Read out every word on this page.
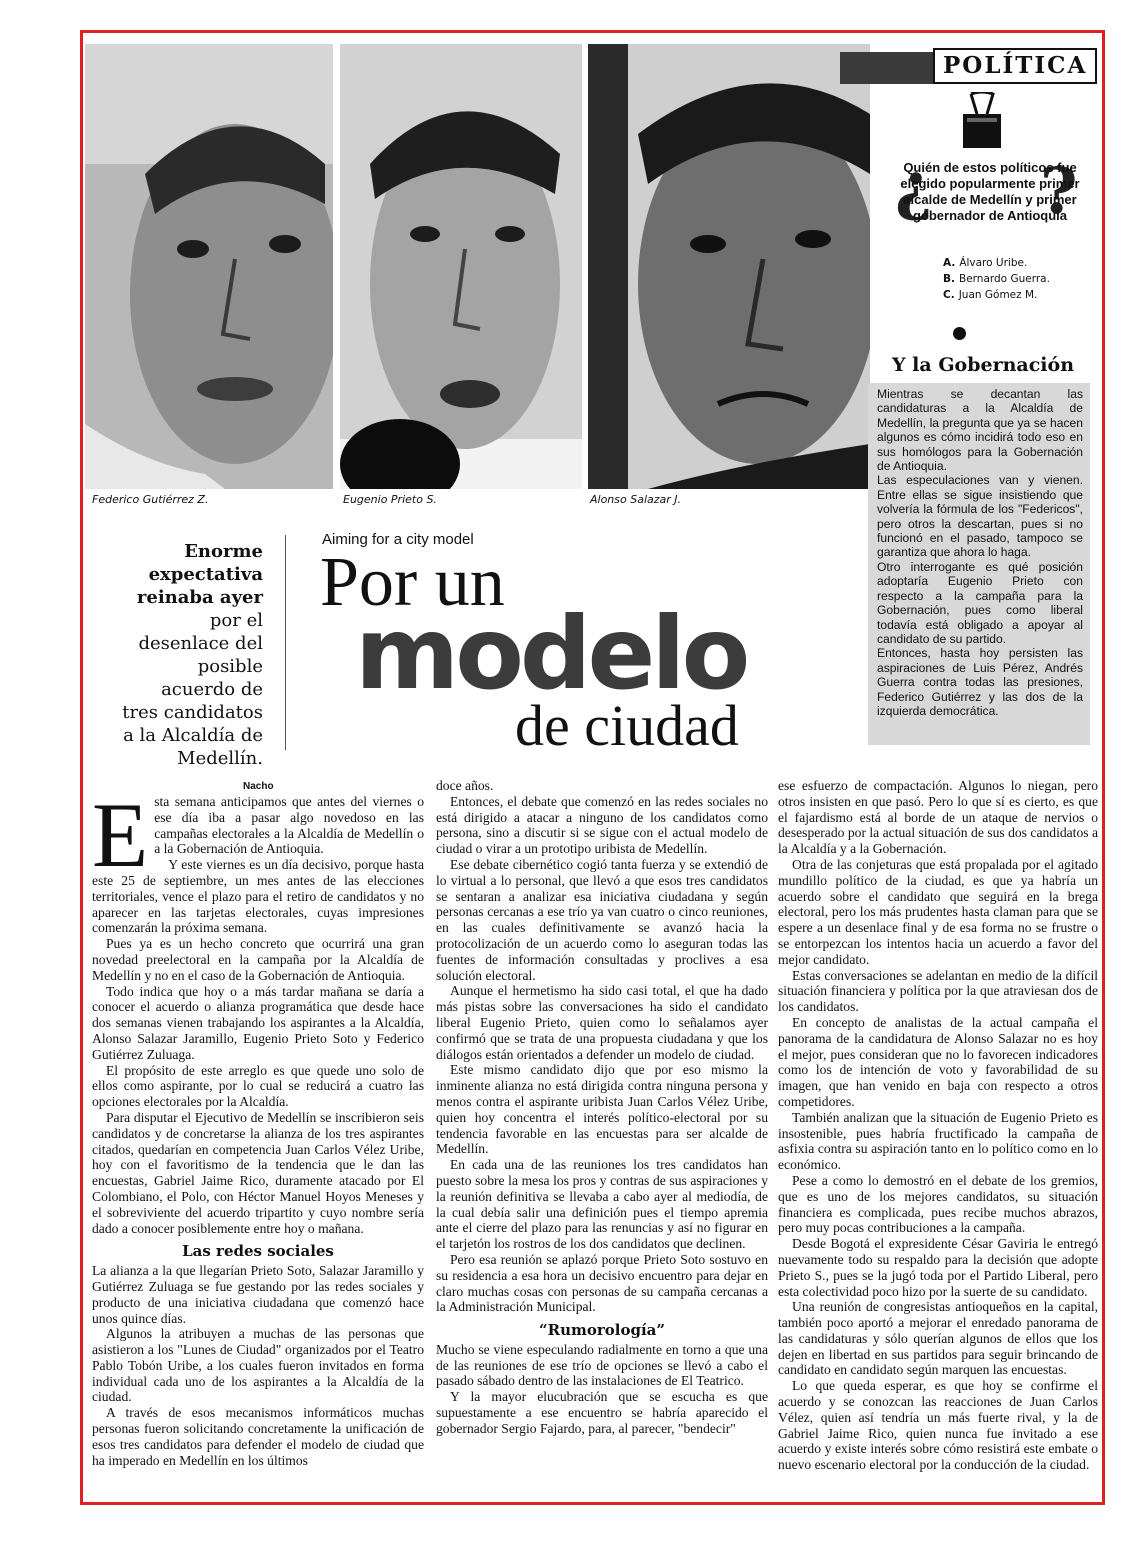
Federico Gutiérrez Z.	Eugenio Prieto S.	Alonso Salazar J.
POLÍTICA
¿ ?
Quién de estos políticos fue elegido popularmente primer alcalde de Medellín y primer gobernador de Antioquia
A. Álvaro Uribe.
B. Bernardo Guerra.
C. Juan Gómez M.
Y la Gobernación

Mientras se decantan las candidaturas a la Alcaldía de Medellín, la pregunta que ya se hacen algunos es cómo incidirá todo eso en sus homólogos para la Gobernación de Antioquia.

Las especulaciones van y vienen. Entre ellas se sigue insistiendo que volvería la fórmula de los "Federicos", pero otros la descartan, pues si no funcionó en el pasado, tampoco se garantiza que ahora lo haga.

Otro interrogante es qué posición adoptaría Eugenio Prieto con respecto a la campaña para la Gobernación, pues como liberal todavía está obligado a apoyar al candidato de su partido.

Entonces, hasta hoy persisten las aspiraciones de Luis Pérez, Andrés Guerra contra todas las presiones, Federico Gutiérrez y las dos de la izquierda democrática.

Enorme expectativa reinaba ayer por el desenlace del posible acuerdo de tres candidatos a la Alcaldía de Medellín.
Aiming for a city model
Por un
modelo
de ciudad
Nacho
E sta semana anticipamos que antes del viernes o ese día iba a pasar algo novedoso en las campañas electorales a la Alcaldía de Medellín o a la Gobernación de Antioquia.

Y este viernes es un día decisivo, porque hasta este 25 de septiembre, un mes antes de las elecciones territoriales, vence el plazo para el retiro de candidatos y no aparecer en las tarjetas electorales, cuyas impresiones comenzarán la próxima semana.

Pues ya es un hecho concreto que ocurrirá una gran novedad preelectoral en la campaña por la Alcaldía de Medellín y no en el caso de la Gobernación de Antioquia.

Todo indica que hoy o a más tardar mañana se daría a conocer el acuerdo o alianza programática que desde hace dos semanas vienen trabajando los aspirantes a la Alcaldía, Alonso Salazar Jaramillo, Eugenio Prieto Soto y Federico Gutiérrez Zuluaga.

El propósito de este arreglo es que quede uno solo de ellos como aspirante, por lo cual se reducirá a cuatro las opciones electorales por la Alcaldía.

Para disputar el Ejecutivo de Medellín se inscribieron seis candidatos y de concretarse la alianza de los tres aspirantes citados, quedarían en competencia Juan Carlos Vélez Uribe, hoy con el favoritismo de la tendencia que le dan las encuestas, Gabriel Jaime Rico, duramente atacado por El Colombiano, el Polo, con Héctor Manuel Hoyos Meneses y el sobreviviente del acuerdo tripartito y cuyo nombre sería dado a conocer posiblemente entre hoy o mañana.

Las redes sociales

La alianza a la que llegarían Prieto Soto, Salazar Jaramillo y Gutiérrez Zuluaga se fue gestando por las redes sociales y producto de una iniciativa ciudadana que comenzó hace unos quince días.

Algunos la atribuyen a muchas de las personas que asistieron a los "Lunes de Ciudad" organizados por el Teatro Pablo Tobón Uribe, a los cuales fueron invitados en forma individual cada uno de los aspirantes a la Alcaldía de la ciudad.

A través de esos mecanismos informáticos muchas personas fueron solicitando concretamente la unificación de esos tres candidatos para defender el modelo de ciudad que ha imperado en Medellín en los últimos

doce años.

Entonces, el debate que comenzó en las redes sociales no está dirigido a atacar a ninguno de los candidatos como persona, sino a discutir si se sigue con el actual modelo de ciudad o virar a un prototipo uribista de Medellín.

Ese debate cibernético cogió tanta fuerza y se extendió de lo virtual a lo personal, que llevó a que esos tres candidatos se sentaran a analizar esa iniciativa ciudadana y según personas cercanas a ese trío ya van cuatro o cinco reuniones, en las cuales definitivamente se avanzó hacia la protocolización de un acuerdo como lo aseguran todas las fuentes de información consultadas y proclives a esa solución electoral.

Aunque el hermetismo ha sido casi total, el que ha dado más pistas sobre las conversaciones ha sido el candidato liberal Eugenio Prieto, quien como lo señalamos ayer confirmó que se trata de una propuesta ciudadana y que los diálogos están orientados a defender un modelo de ciudad.

Este mismo candidato dijo que por eso mismo la inminente alianza no está dirigida contra ninguna persona y menos contra el aspirante uribista Juan Carlos Vélez Uribe, quien hoy concentra el interés político-electoral por su tendencia favorable en las encuestas para ser alcalde de Medellín.

En cada una de las reuniones los tres candidatos han puesto sobre la mesa los pros y contras de sus aspiraciones y la reunión definitiva se llevaba a cabo ayer al mediodía, de la cual debía salir una definición pues el tiempo apremia ante el cierre del plazo para las renuncias y así no figurar en el tarjetón los rostros de los dos candidatos que declinen.

Pero esa reunión se aplazó porque Prieto Soto sostuvo en su residencia a esa hora un decisivo encuentro para dejar en claro muchas cosas con personas de su campaña cercanas a la Administración Municipal.

“Rumorología”

Mucho se viene especulando radialmente en torno a que una de las reuniones de ese trío de opciones se llevó a cabo el pasado sábado dentro de las instalaciones de El Teatrico.

Y la mayor elucubración que se escucha es que supuestamente a ese encuentro se habría aparecido el gobernador Sergio Fajardo, para, al parecer, "bendecir"

ese esfuerzo de compactación. Algunos lo niegan, pero otros insisten en que pasó. Pero lo que sí es cierto, es que el fajardismo está al borde de un ataque de nervios o desesperado por la actual situación de sus dos candidatos a la Alcaldía y a la Gobernación.

Otra de las conjeturas que está propalada por el agitado mundillo político de la ciudad, es que ya habría un acuerdo sobre el candidato que seguirá en la brega electoral, pero los más prudentes hasta claman para que se espere a un desenlace final y de esa forma no se frustre o se entorpezcan los intentos hacia un acuerdo a favor del mejor candidato.

Estas conversaciones se adelantan en medio de la difícil situación financiera y política por la que atraviesan dos de los candidatos.

En concepto de analistas de la actual campaña el panorama de la candidatura de Alonso Salazar no es hoy el mejor, pues consideran que no lo favorecen indicadores como los de intención de voto y favorabilidad de su imagen, que han venido en baja con respecto a otros competidores.

También analizan que la situación de Eugenio Prieto es insostenible, pues habría fructificado la campaña de asfixia contra su aspiración tanto en lo político como en lo económico.

Pese a como lo demostró en el debate de los gremios, que es uno de los mejores candidatos, su situación financiera es complicada, pues recibe muchos abrazos, pero muy pocas contribuciones a la campaña.

Desde Bogotá el expresidente César Gaviria le entregó nuevamente todo su respaldo para la decisión que adopte Prieto S., pues se la jugó toda por el Partido Liberal, pero esta colectividad poco hizo por la suerte de su candidato.

Una reunión de congresistas antioqueños en la capital, también poco aportó a mejorar el enredado panorama de las candidaturas y sólo querían algunos de ellos que los dejen en libertad en sus partidos para seguir brincando de candidato en candidato según marquen las encuestas.

Lo que queda esperar, es que hoy se confirme el acuerdo y se conozcan las reacciones de Juan Carlos Vélez, quien así tendría un más fuerte rival, y la de Gabriel Jaime Rico, quien nunca fue invitado a ese acuerdo y existe interés sobre cómo resistirá este embate o nuevo escenario electoral por la conducción de la ciudad.
